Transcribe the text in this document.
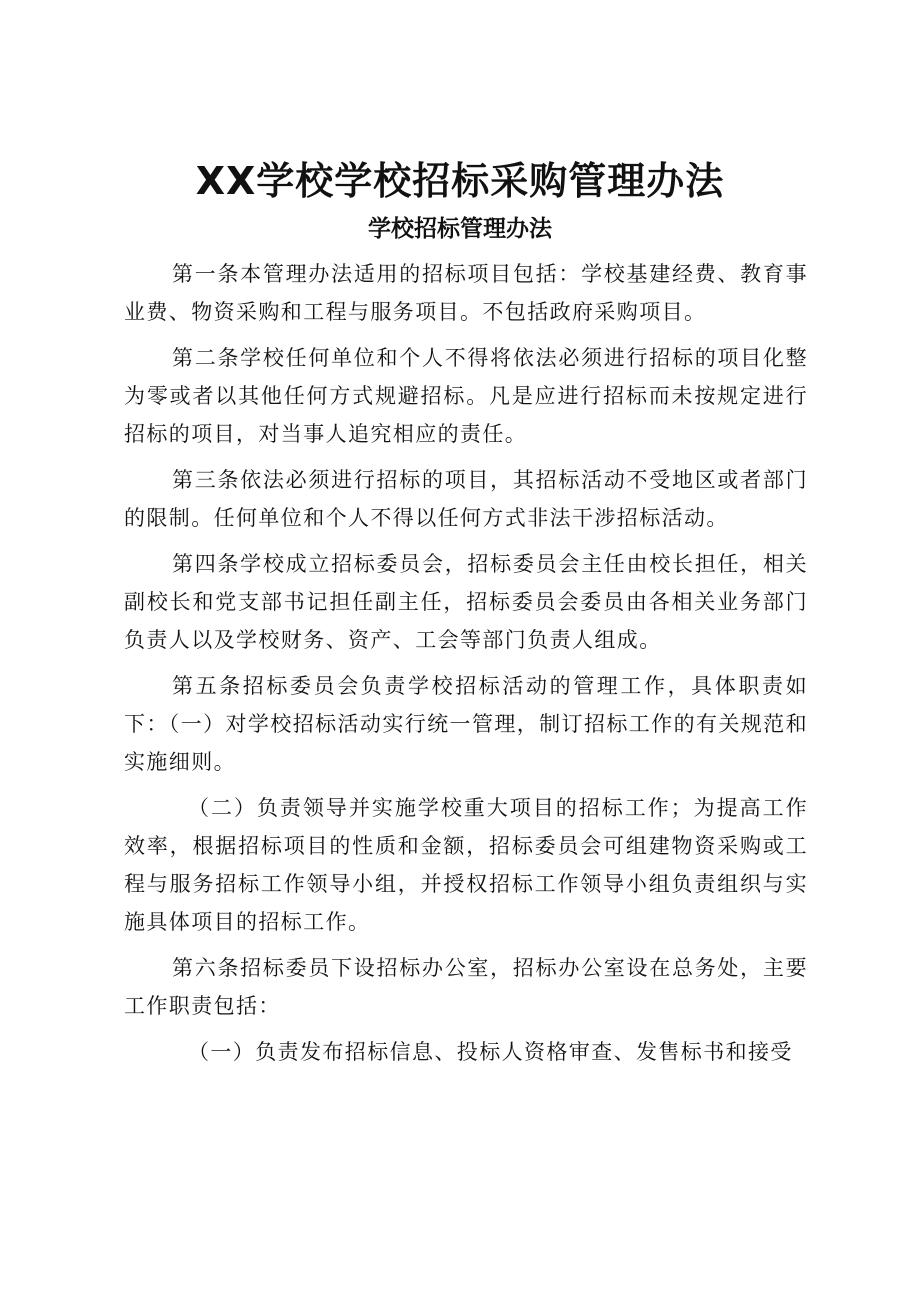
XX学校学校招标采购管理办法
学校招标管理办法

第一条本管理办法适用的招标项目包括：学校基建经费、教育事业费、物资采购和工程与服务项目。不包括政府采购项目。

第二条学校任何单位和个人不得将依法必须进行招标的项目化整为零或者以其他任何方式规避招标。凡是应进行招标而未按规定进行招标的项目，对当事人追究相应的责任。

第三条依法必须进行招标的项目，其招标活动不受地区或者部门的限制。任何单位和个人不得以任何方式非法干涉招标活动。

第四条学校成立招标委员会，招标委员会主任由校长担任，相关副校长和党支部书记担任副主任，招标委员会委员由各相关业务部门负责人以及学校财务、资产、工会等部门负责人组成。

第五条招标委员会负责学校招标活动的管理工作，具体职责如下：（一）对学校招标活动实行统一管理，制订招标工作的有关规范和实施细则。

（二）负责领导并实施学校重大项目的招标工作；为提高工作效率，根据招标项目的性质和金额，招标委员会可组建物资采购或工程与服务招标工作领导小组，并授权招标工作领导小组负责组织与实施具体项目的招标工作。

第六条招标委员下设招标办公室，招标办公室设在总务处，主要工作职责包括：

（一）负责发布招标信息、投标人资格审查、发售标书和接受
